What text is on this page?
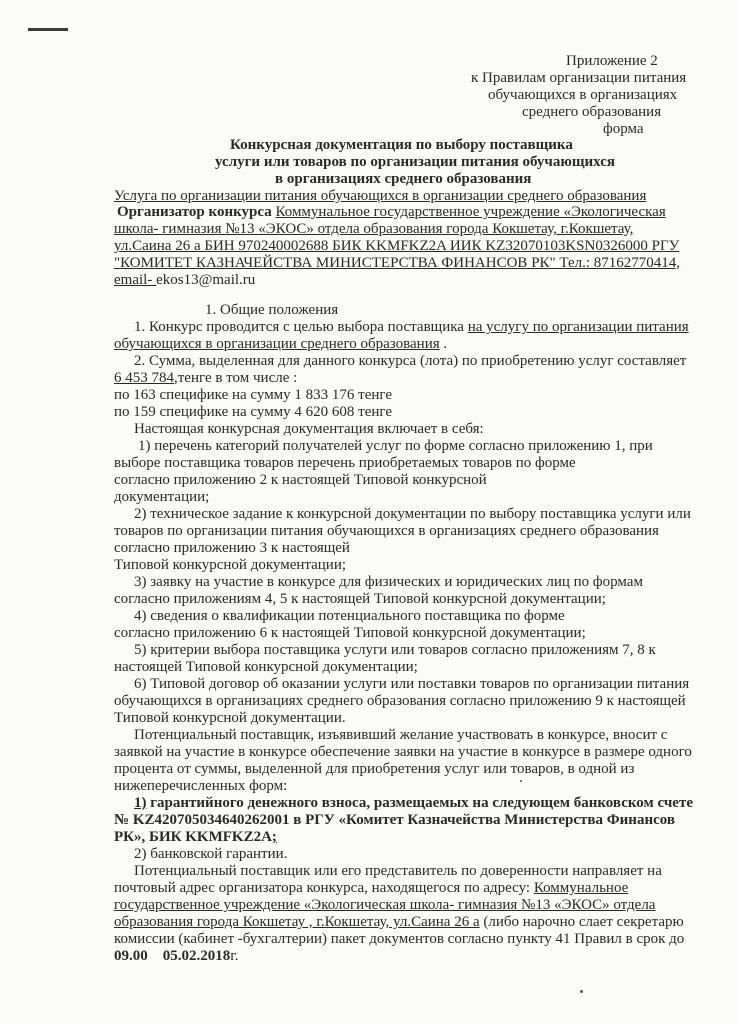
Приложение 2
к Правилам организации питания
обучающихся в организациях
среднего образования
форма
Конкурсная документация по выбору поставщика
услуги или товаров по организации питания обучающихся
в организациях среднего образования
Услуга по организации питания обучающихся в организации среднего образования
Организатор конкурса Коммунальное государственное учреждение «Экологическая
школа- гимназия №13 «ЭКОС» отдела образования города Кокшетау, г.Кокшетау,
ул.Саина 26 а БИН 970240002688 БИК KKMFKZ2A ИИК KZ32070103KSN0326000 РГУ
"КОМИТЕТ КАЗНАЧЕЙСТВА МИНИСТЕРСТВА ФИНАНСОВ РК" Тел.: 87162770414,
email- ekos13@mail.ru
1. Общие положения
1. Конкурс проводится с целью выбора поставщика на услугу по организации питания
обучающихся в организации среднего образования .
2. Сумма, выделенная для данного конкурса (лота) по приобретению услуг составляет
6 453 784,тенге в том числе :
по 163 специфике на сумму 1 833 176 тенге
по 159 специфике на сумму 4 620 608 тенге
Настоящая конкурсная документация включает в себя:
1) перечень категорий получателей услуг по форме согласно приложению 1, при
выборе поставщика товаров перечень приобретаемых товаров по форме
согласно приложению 2 к настоящей Типовой конкурсной
документации;
2) техническое задание к конкурсной документации по выбору поставщика услуги или
товаров по организации питания обучающихся в организациях среднего образования
согласно приложению 3 к настоящей
Типовой конкурсной документации;
3) заявку на участие в конкурсе для физических и юридических лиц по формам
согласно приложениям 4, 5 к настоящей Типовой конкурсной документации;
4) сведения о квалификации потенциального поставщика по форме
согласно приложению 6 к настоящей Типовой конкурсной документации;
5) критерии выбора поставщика услуги или товаров согласно приложениям 7, 8 к
настоящей Типовой конкурсной документации;
6) Типовой договор об оказании услуги или поставки товаров по организации питания
обучающихся в организациях среднего образования согласно приложению 9 к настоящей
Типовой конкурсной документации.
Потенциальный поставщик, изъявивший желание участвовать в конкурсе, вносит с
заявкой на участие в конкурсе обеспечение заявки на участие в конкурсе в размере одного
процента от суммы, выделенной для приобретения услуг или товаров, в одной из
нижеперечисленных форм:
1) гарантийного денежного взноса, размещаемых на следующем банковском счете
№ KZ420705034640262001 в РГУ «Комитет Казначейства Министерства Финансов
РК», БИК KKMFKZ2A;
2) банковской гарантии.
Потенциальный поставщик или его представитель по доверенности направляет на
почтовый адрес организатора конкурса, находящегося по адресу: Коммунальное
государственное учреждение «Экологическая школа- гимназия №13 «ЭКОС» отдела
образования города Кокшетау , г.Кокшетау, ул.Саина 26 а (либо нарочно слает секретарю
комиссии (кабинет -бухгалтерии) пакет документов согласно пункту 41 Правил в срок до
09.00 05.02.2018г.
